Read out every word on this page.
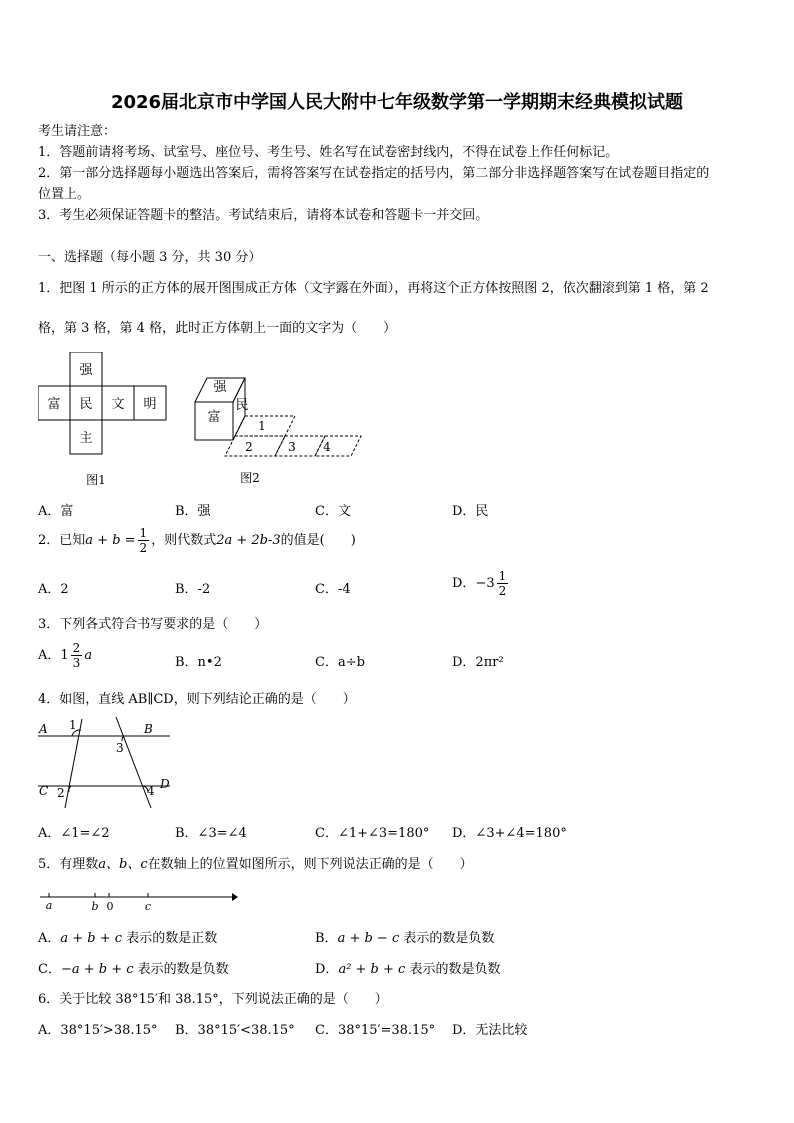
2026届北京市中学国人民大附中七年级数学第一学期期末经典模拟试题
考生请注意：
1．答题前请将考场、试室号、座位号、考生号、姓名写在试卷密封线内，不得在试卷上作任何标记。
2．第一部分选择题每小题选出答案后，需将答案写在试卷指定的括号内，第二部分非选择题答案写在试卷题目指定的
位置上。
3．考生必须保证答题卡的整洁。考试结束后，请将本试卷和答题卡一并交回。
一、选择题（每小题 3 分，共 30 分）
1．把图 1 所示的正方体的展开图围成正方体（文字露在外面），再将这个正方体按照图 2，依次翻滚到第 1 格，第 2
格，第 3 格，第 4 格，此时正方体朝上一面的文字为（　　）
强
富 民 文 明
主
图1
强
富
民
1
2	3 4
图2
A．富	B．强	C．文	D．民
2．已知$a + b = \frac{1}{2}$ ，则代数式2a + 2b-3的值是(　　)
A．2	B．-2	C．-4	D．$-3 \frac{1}{2}$
3．下列各式符合书写要求的是（　　）
A．$1 \frac{2}{3}$ a	B．n•2	C．a÷b	D．2πr²
4．如图，直线 AB∥CD，则下列结论正确的是（　　）
A	B
C	D
1
2
3
4
A．∠1=∠2	B．∠3=∠4	C．∠1+∠3=180° D．∠3+∠4=180°
5．有理数a、b、c在数轴上的位置如图所示，则下列说法正确的是（　　）
a	b 0	c
A．a + b + c 表示的数是正数	B．a + b − c 表示的数是负数
C．−a + b + c 表示的数是负数	D．a² + b + c 表示的数是负数
6．关于比较 38°15′和 38.15°，下列说法正确的是（　　）
A．38°15′>38.15° B．38°15′<38.15° C．38°15′=38.15° D．无法比较
